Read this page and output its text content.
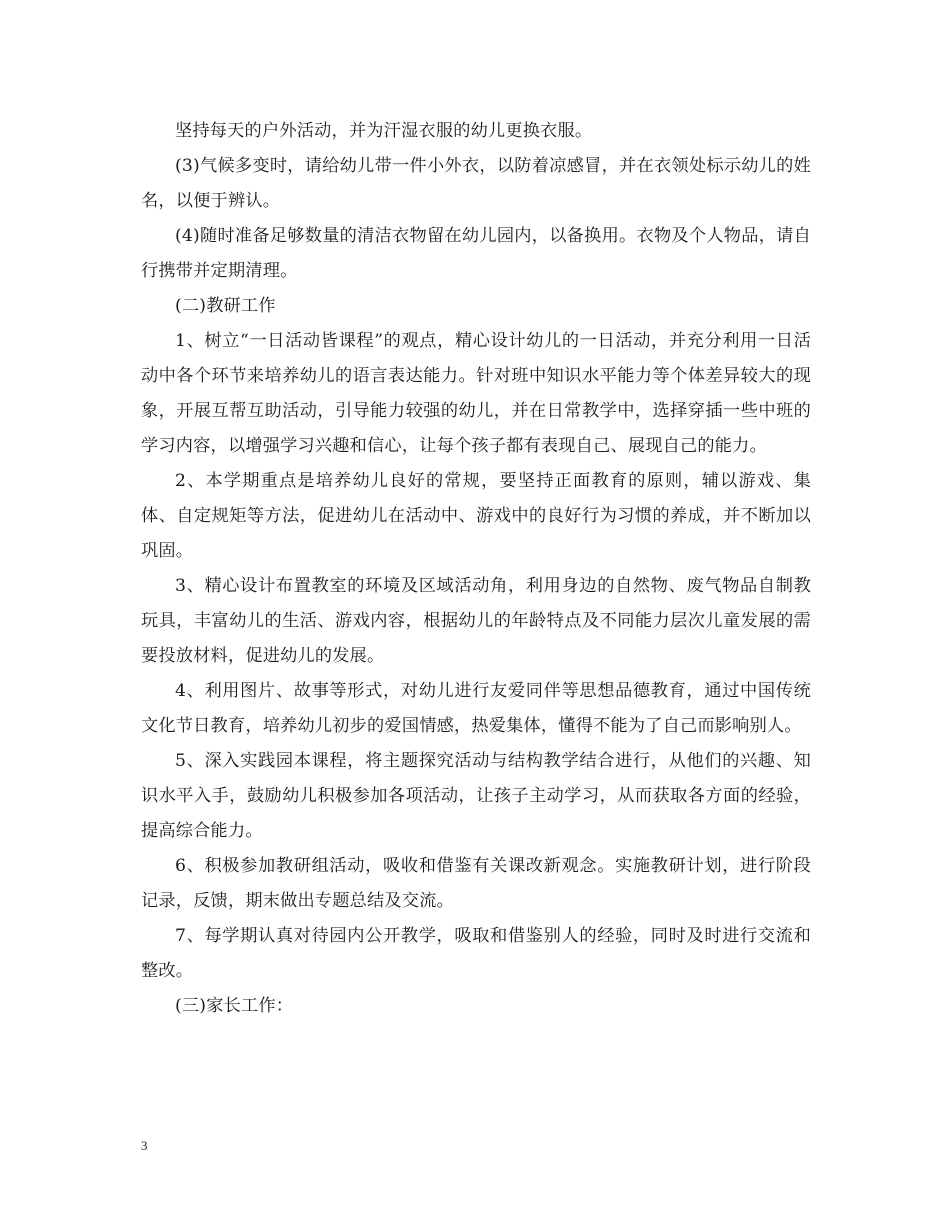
坚持每天的户外活动，并为汗湿衣服的幼儿更换衣服。

(3)气候多变时，请给幼儿带一件小外衣，以防着凉感冒，并在衣领处标示幼儿的姓名，以便于辨认。

(4)随时准备足够数量的清洁衣物留在幼儿园内，以备换用。衣物及个人物品，请自行携带并定期清理。

(二)教研工作

1、树立“一日活动皆课程”的观点，精心设计幼儿的一日活动，并充分利用一日活动中各个环节来培养幼儿的语言表达能力。针对班中知识水平能力等个体差异较大的现象，开展互帮互助活动，引导能力较强的幼儿，并在日常教学中，选择穿插一些中班的学习内容，以增强学习兴趣和信心，让每个孩子都有表现自己、展现自己的能力。

2、本学期重点是培养幼儿良好的常规，要坚持正面教育的原则，辅以游戏、集体、自定规矩等方法，促进幼儿在活动中、游戏中的良好行为习惯的养成，并不断加以巩固。

3、精心设计布置教室的环境及区域活动角，利用身边的自然物、废气物品自制教玩具，丰富幼儿的生活、游戏内容，根据幼儿的年龄特点及不同能力层次儿童发展的需要投放材料，促进幼儿的发展。

4、利用图片、故事等形式，对幼儿进行友爱同伴等思想品德教育，通过中国传统文化节日教育，培养幼儿初步的爱国情感，热爱集体，懂得不能为了自己而影响别人。

5、深入实践园本课程，将主题探究活动与结构教学结合进行，从他们的兴趣、知识水平入手，鼓励幼儿积极参加各项活动，让孩子主动学习，从而获取各方面的经验，提高综合能力。

6、积极参加教研组活动，吸收和借鉴有关课改新观念。实施教研计划，进行阶段记录，反馈，期末做出专题总结及交流。

7、每学期认真对待园内公开教学，吸取和借鉴别人的经验，同时及时进行交流和整改。

(三)家长工作：

3
